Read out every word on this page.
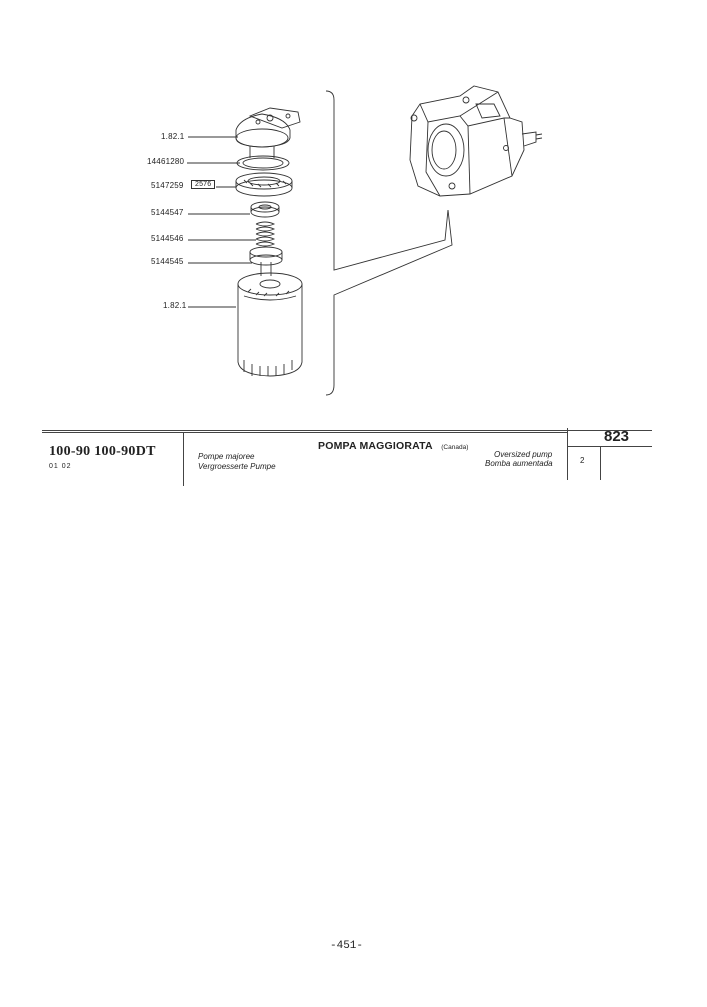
1.82.1
14461280
5147259	2576
5144547
5144546
5144545
1.82.1
100-90 100-90DT
01 02
Pompe majoree
Vergroesserte Pumpe
POMPA MAGGIORATA (Canada)
Oversized pump
Bomba aumentada
823
2
-451-
